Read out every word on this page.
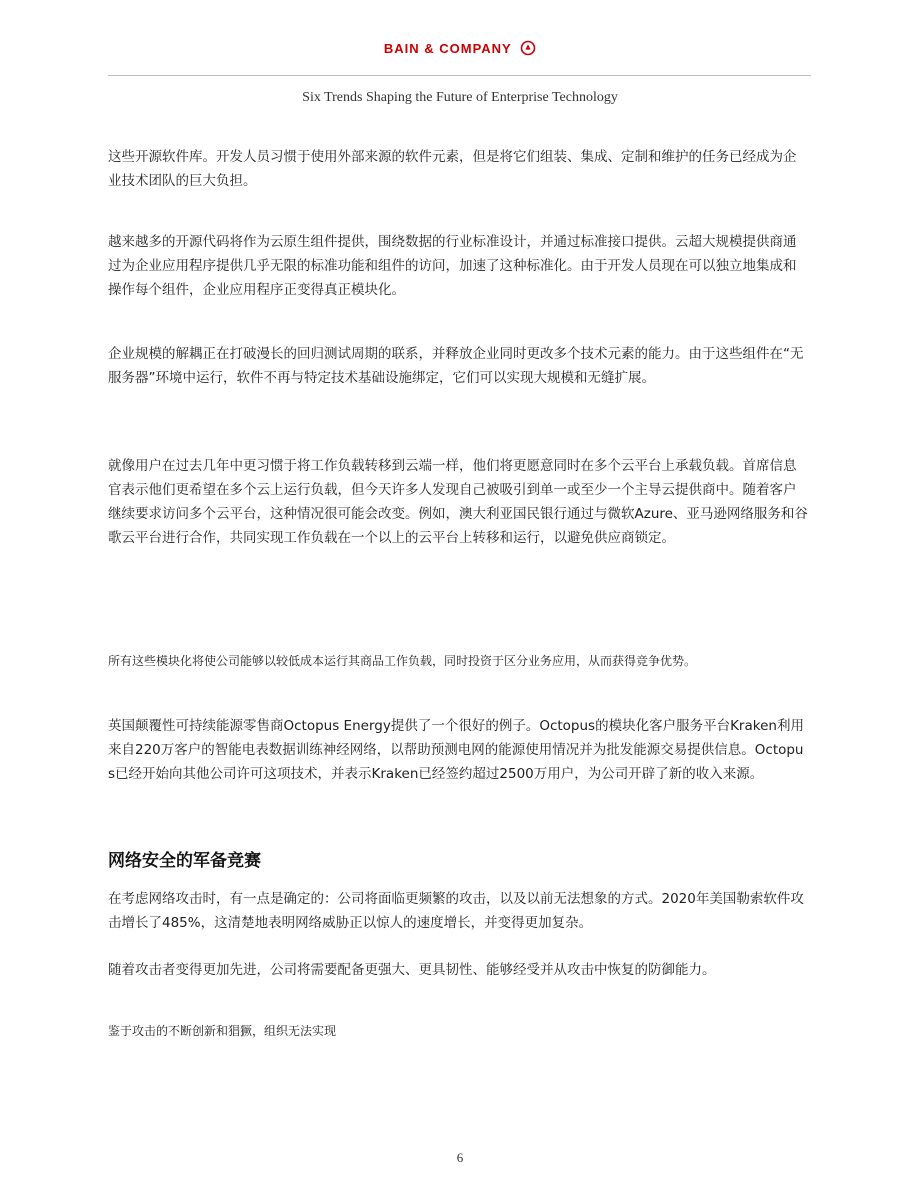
BAIN & COMPANY
Six Trends Shaping the Future of Enterprise Technology

这些开源软件库。开发人员习惯于使用外部来源的软件元素，但是将它们组装、集成、定制和维护的任务已经成为企业技术团队的巨大负担。

越来越多的开源代码将作为云原生组件提供，围绕数据的行业标准设计，并通过标准接口提供。云超大规模提供商通过为企业应用程序提供几乎无限的标准功能和组件的访问，加速了这种标准化。由于开发人员现在可以独立地集成和操作每个组件，企业应用程序正变得真正模块化。

企业规模的解耦正在打破漫长的回归测试周期的联系，并释放企业同时更改多个技术元素的能力。由于这些组件在“无服务器”环境中运行，软件不再与特定技术基础设施绑定，它们可以实现大规模和无缝扩展。

就像用户在过去几年中更习惯于将工作负载转移到云端一样，他们将更愿意同时在多个云平台上承载负载。首席信息官表示他们更希望在多个云上运行负载，但今天许多人发现自己被吸引到单一或至少一个主导云提供商中。随着客户继续要求访问多个云平台，这种情况很可能会改变。例如，澳大利亚国民银行通过与微软Azure、亚马逊网络服务和谷歌云平台进行合作，共同实现工作负载在一个以上的云平台上转移和运行，以避免供应商锁定。

所有这些模块化将使公司能够以较低成本运行其商品工作负载，同时投资于区分业务应用，从而获得竞争优势。

英国颠覆性可持续能源零售商Octopus Energy提供了一个很好的例子。Octopus的模块化客户服务平台Kraken利用来自220万客户的智能电表数据训练神经网络，以帮助预测电网的能源使用情况并为批发能源交易提供信息。Octopus已经开始向其他公司许可这项技术，并表示Kraken已经签约超过2500万用户，为公司开辟了新的收入来源。

网络安全的军备竞赛

在考虑网络攻击时，有一点是确定的：公司将面临更频繁的攻击，以及以前无法想象的方式。2020年美国勒索软件攻击增长了485%，这清楚地表明网络威胁正以惊人的速度增长，并变得更加复杂。

随着攻击者变得更加先进，公司将需要配备更强大、更具韧性、能够经受并从攻击中恢复的防御能力。

鉴于攻击的不断创新和猖獗，组织无法实现

6
